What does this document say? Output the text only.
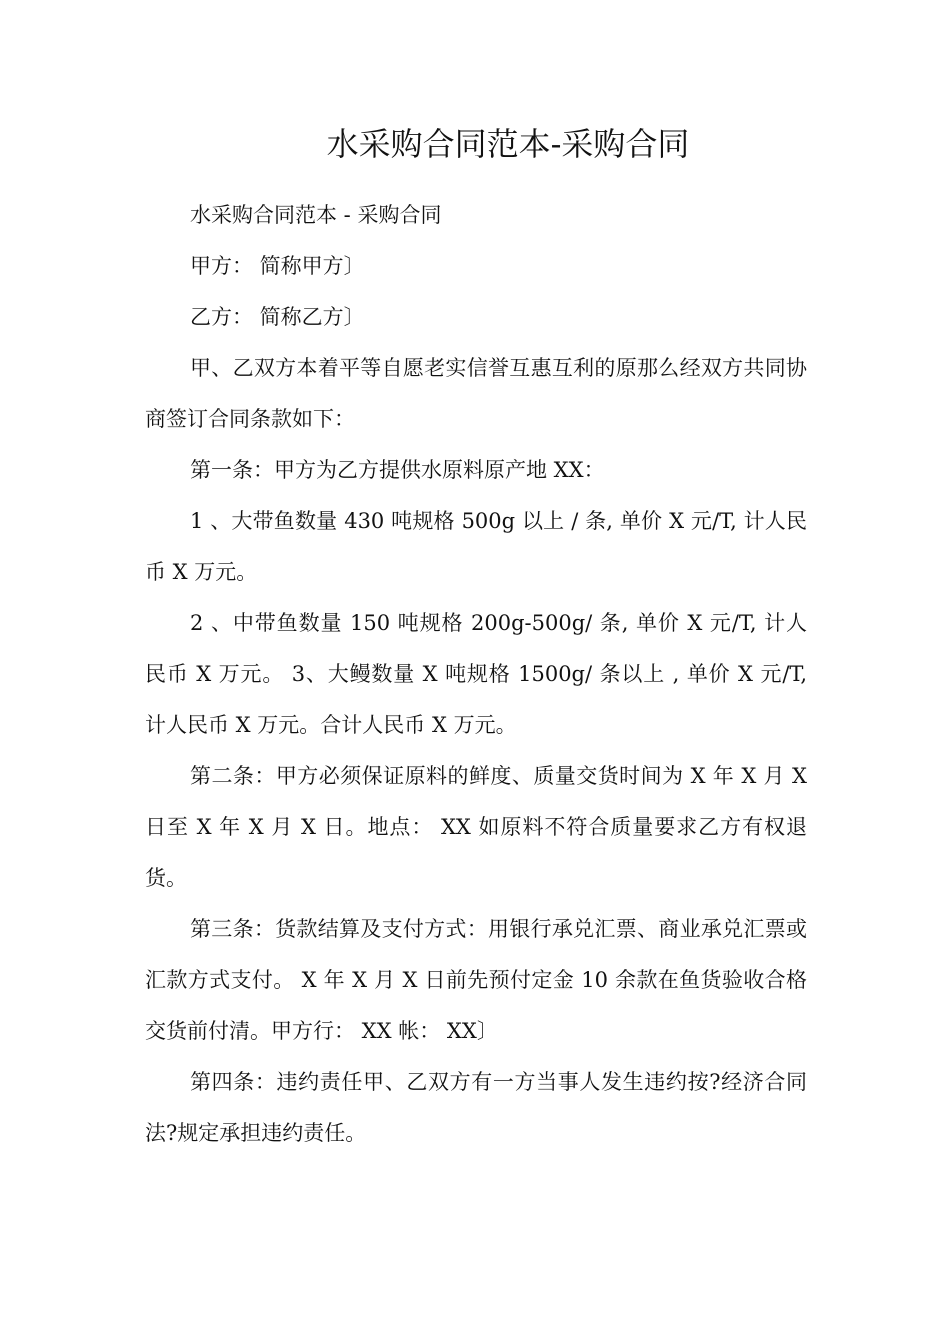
水采购合同范本-采购合同

水采购合同范本 - 采购合同

甲方： 简称甲方〕

乙方： 简称乙方〕

甲、乙双方本着平等自愿老实信誉互惠互利的原那么经双方共同协商签订合同条款如下：

第一条：甲方为乙方提供水原料原产地 XX：

1 、大带鱼数量 430 吨规格 500g 以上 / 条, 单价 X 元/T, 计人民币 X 万元。

2 、中带鱼数量 150 吨规格 200g-500g/ 条, 单价 X 元/T, 计人民币 X 万元。 3、大鳗数量 X 吨规格 1500g/ 条以上 , 单价 X 元/T, 计人民币 X 万元。合计人民币 X 万元。

第二条：甲方必须保证原料的鲜度、质量交货时间为 X 年 X 月 X 日至 X 年 X 月 X 日。地点： XX 如原料不符合质量要求乙方有权退货。

第三条：货款结算及支付方式：用银行承兑汇票、商业承兑汇票或汇款方式支付。 X 年 X 月 X 日前先预付定金 10 余款在鱼货验收合格交货前付清。甲方行： XX 帐： XX〕

第四条：违约责任甲、乙双方有一方当事人发生违约按?经济合同法?规定承担违约责任。
